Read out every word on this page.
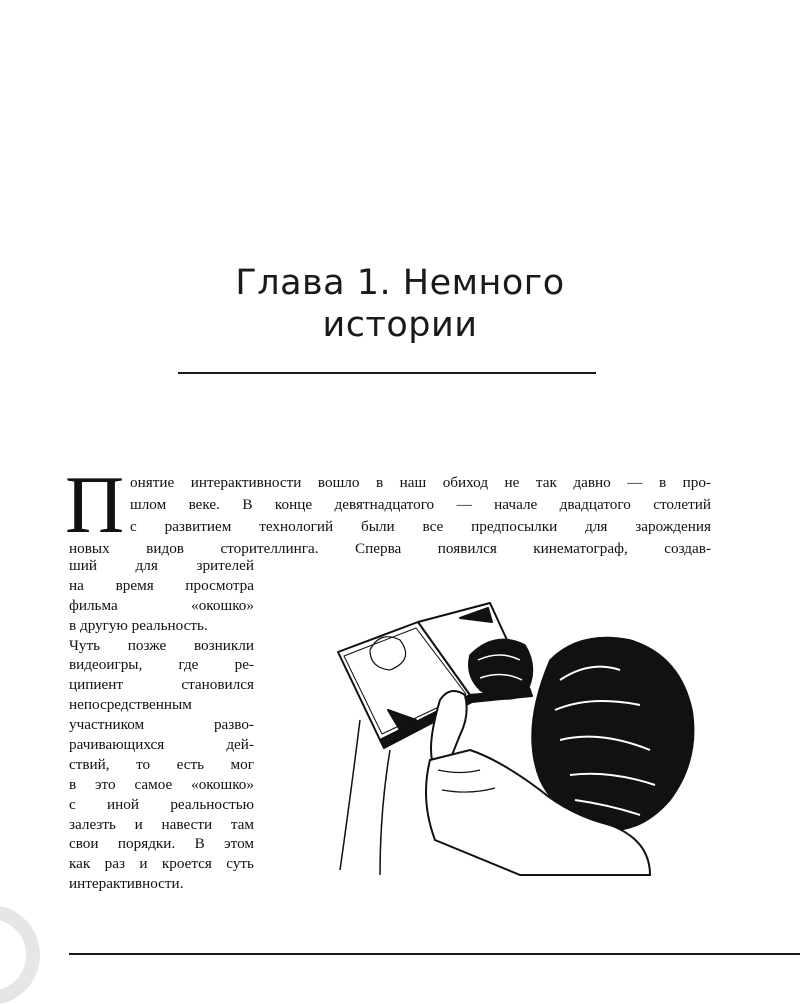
Глава 1. Немного
истории
П онятие интерактивности вошло в наш обиход не так давно — в про-
шлом веке. В конце девятнадцатого — начале двадцатого столетий
с развитием технологий были все предпосылки для зарождения
новых видов сторителлинга. Сперва появился кинематограф, создав-
ший для зрителей
на время просмотра
фильма «окошко»
в другую реальность.
Чуть позже возникли
видеоигры, где ре-
ципиент становился
непосредственным
участником разво-
рачивающихся дей-
ствий, то есть мог
в это самое «окошко»
с иной реальностью
залезть и навести там
свои порядки. В этом
как раз и кроется суть
интерактивности.
